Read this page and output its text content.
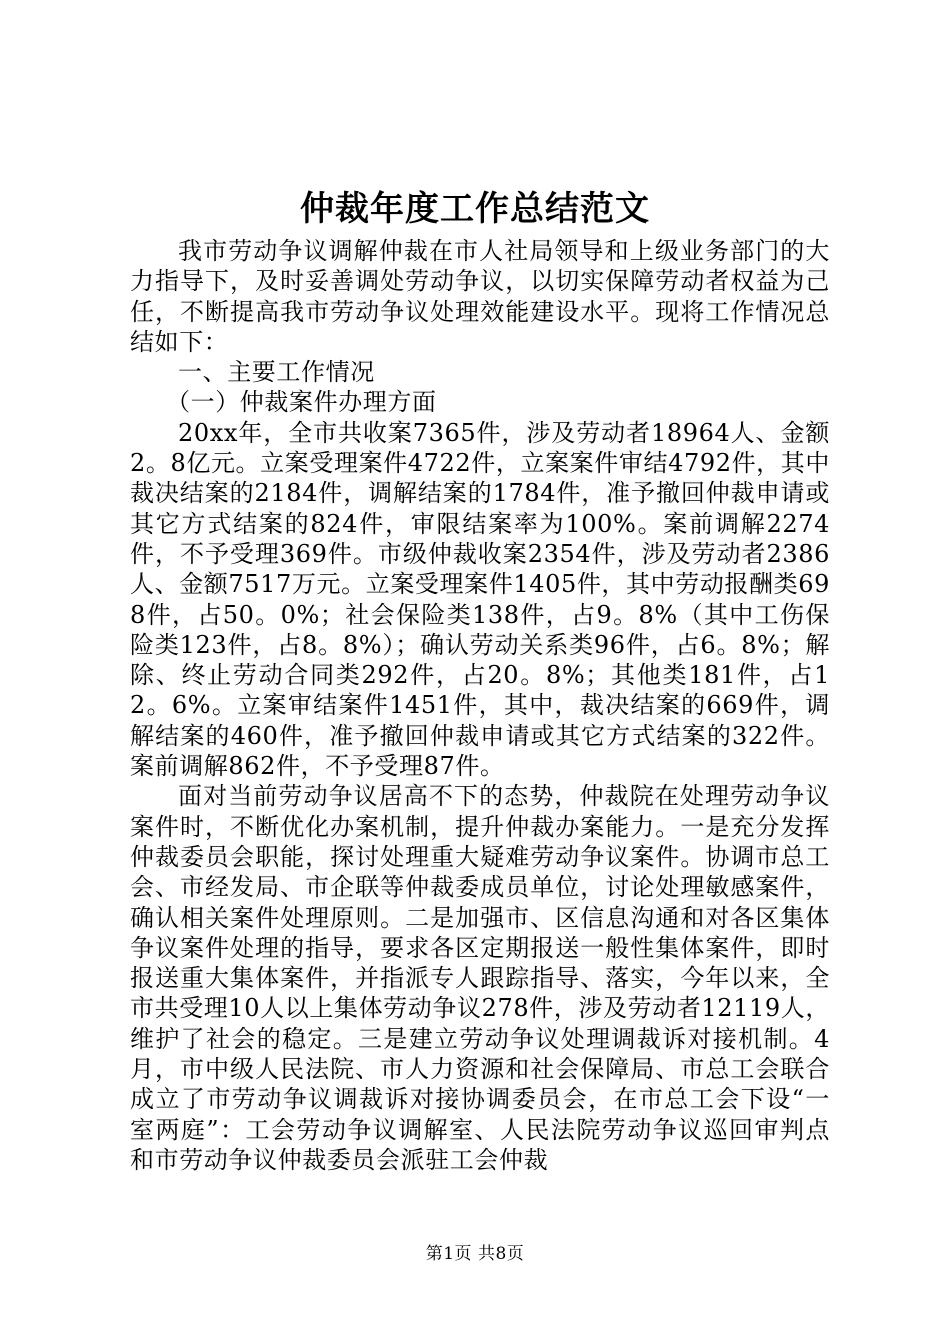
仲裁年度工作总结范文

我市劳动争议调解仲裁在市人社局领导和上级业务部门的大力指导下，及时妥善调处劳动争议，以切实保障劳动者权益为己任，不断提高我市劳动争议处理效能建设水平。现将工作情况总结如下：

一、主要工作情况

（一）仲裁案件办理方面

20xx年，全市共收案7365件，涉及劳动者18964人、金额2。8亿元。立案受理案件4722件，立案案件审结4792件，其中裁决结案的2184件，调解结案的1784件，准予撤回仲裁申请或其它方式结案的824件，审限结案率为100%。案前调解2274件，不予受理369件。市级仲裁收案2354件，涉及劳动者2386人、金额7517万元。立案受理案件1405件，其中劳动报酬类698件，占50。0%；社会保险类138件，占9。8%（其中工伤保险类123件，占8。8%）；确认劳动关系类96件，占6。8%；解除、终止劳动合同类292件，占20。8%；其他类181件，占12。6%。立案审结案件1451件，其中，裁决结案的669件，调解结案的460件，准予撤回仲裁申请或其它方式结案的322件。案前调解862件，不予受理87件。

面对当前劳动争议居高不下的态势，仲裁院在处理劳动争议案件时，不断优化办案机制，提升仲裁办案能力。一是充分发挥仲裁委员会职能，探讨处理重大疑难劳动争议案件。协调市总工会、市经发局、市企联等仲裁委成员单位，讨论处理敏感案件，确认相关案件处理原则。二是加强市、区信息沟通和对各区集体争议案件处理的指导，要求各区定期报送一般性集体案件，即时报送重大集体案件，并指派专人跟踪指导、落实，今年以来，全市共受理10人以上集体劳动争议278件，涉及劳动者12119人，维护了社会的稳定。三是建立劳动争议处理调裁诉对接机制。4月，市中级人民法院、市人力资源和社会保障局、市总工会联合成立了市劳动争议调裁诉对接协调委员会，在市总工会下设“一室两庭”：工会劳动争议调解室、人民法院劳动争议巡回审判点和市劳动争议仲裁委员会派驻工会仲裁

第1页 共8页
